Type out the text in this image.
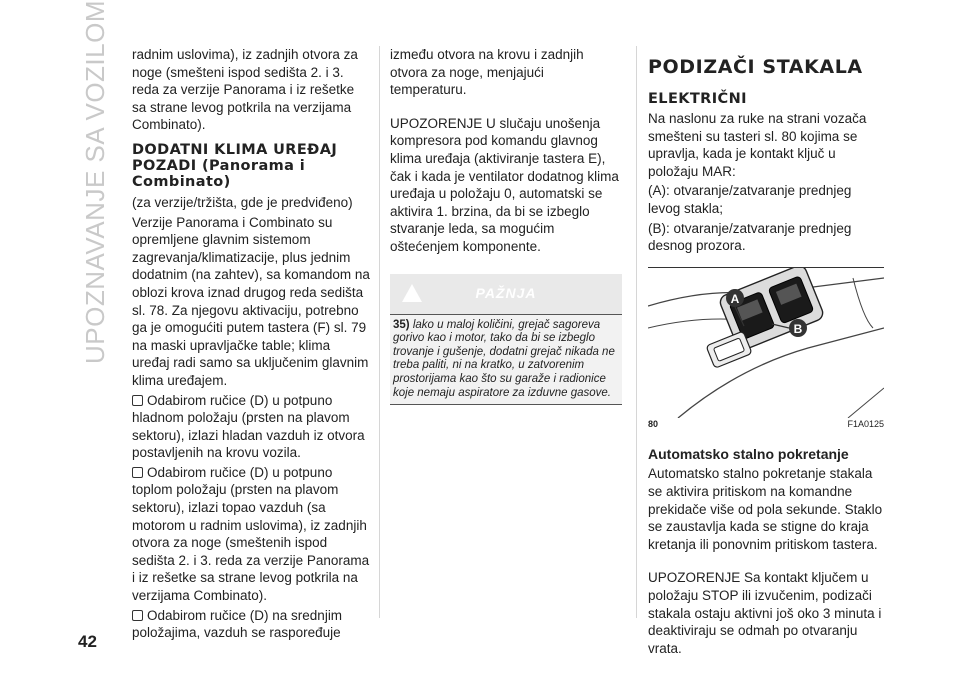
UPOZNAVANJE SA VOZILOM
42

radnim uslovima), iz zadnjih otvora za noge (smešteni ispod sedišta 2. i 3. reda za verzije Panorama i iz rešetke sa strane levog potkrila na verzijama Combinato).

DODATNI KLIMA UREĐAJ POZADI (Panorama i Combinato)

(za verzije/tržišta, gde je predviđeno)

Verzije Panorama i Combinato su opremljene glavnim sistemom zagrevanja/klimatizacije, plus jednim dodatnim (na zahtev), sa komandom na oblozi krova iznad drugog reda sedišta sl. 78. Za njegovu aktivaciju, potrebno ga je omogućiti putem tastera (F) sl. 79 na maski upravljačke table; klima uređaj radi samo sa uključenim glavnim klima uređajem.

Odabirom ručice (D) u potpuno hladnom položaju (prsten na plavom sektoru), izlazi hladan vazduh iz otvora postavljenih na krovu vozila.

Odabirom ručice (D) u potpuno toplom položaju (prsten na plavom sektoru), izlazi topao vazduh (sa motorom u radnim uslovima), iz zadnjih otvora za noge (smeštenih ispod sedišta 2. i 3. reda za verzije Panorama i iz rešetke sa strane levog potkrila na verzijama Combinato).

Odabirom ručice (D) na srednjim položajima, vazduh se raspoređuje

između otvora na krovu i zadnjih otvora za noge, menjajući temperaturu.

UPOZORENJE U slučaju unošenja kompresora pod komandu glavnog klima uređaja (aktiviranje tastera E), čak i kada je ventilator dodatnog klima uređaja u položaju 0, automatski se aktivira 1. brzina, da bi se izbeglo stvaranje leda, sa mogućim oštećenjem komponente.

PAŽNJA
35) lako u maloj količini, grejač sagoreva gorivo kao i motor, tako da bi se izbeglo trovanje i gušenje, dodatni grejač nikada ne treba paliti, ni na kratko, u zatvorenim prostorijama kao što su garaže i radionice koje nemaju aspiratore za izduvne gasove.
PODIZAČI STAKALA
ELEKTRIČNI

Na naslonu za ruke na strani vozača smešteni su tasteri sl. 80 kojima se upravlja, kada je kontakt ključ u položaju MAR:

(A): otvaranje/zatvaranje prednjeg levog stakla;

(B): otvaranje/zatvaranje prednjeg desnog prozora.

A
B
80	F1A0125
Automatsko stalno pokretanje

Automatsko stalno pokretanje stakala se aktivira pritiskom na komandne prekidače više od pola sekunde. Staklo se zaustavlja kada se stigne do kraja kretanja ili ponovnim pritiskom tastera.

UPOZORENJE Sa kontakt ključem u položaju STOP ili izvučenim, podizači stakala ostaju aktivni još oko 3 minuta i deaktiviraju se odmah po otvaranju vrata.
